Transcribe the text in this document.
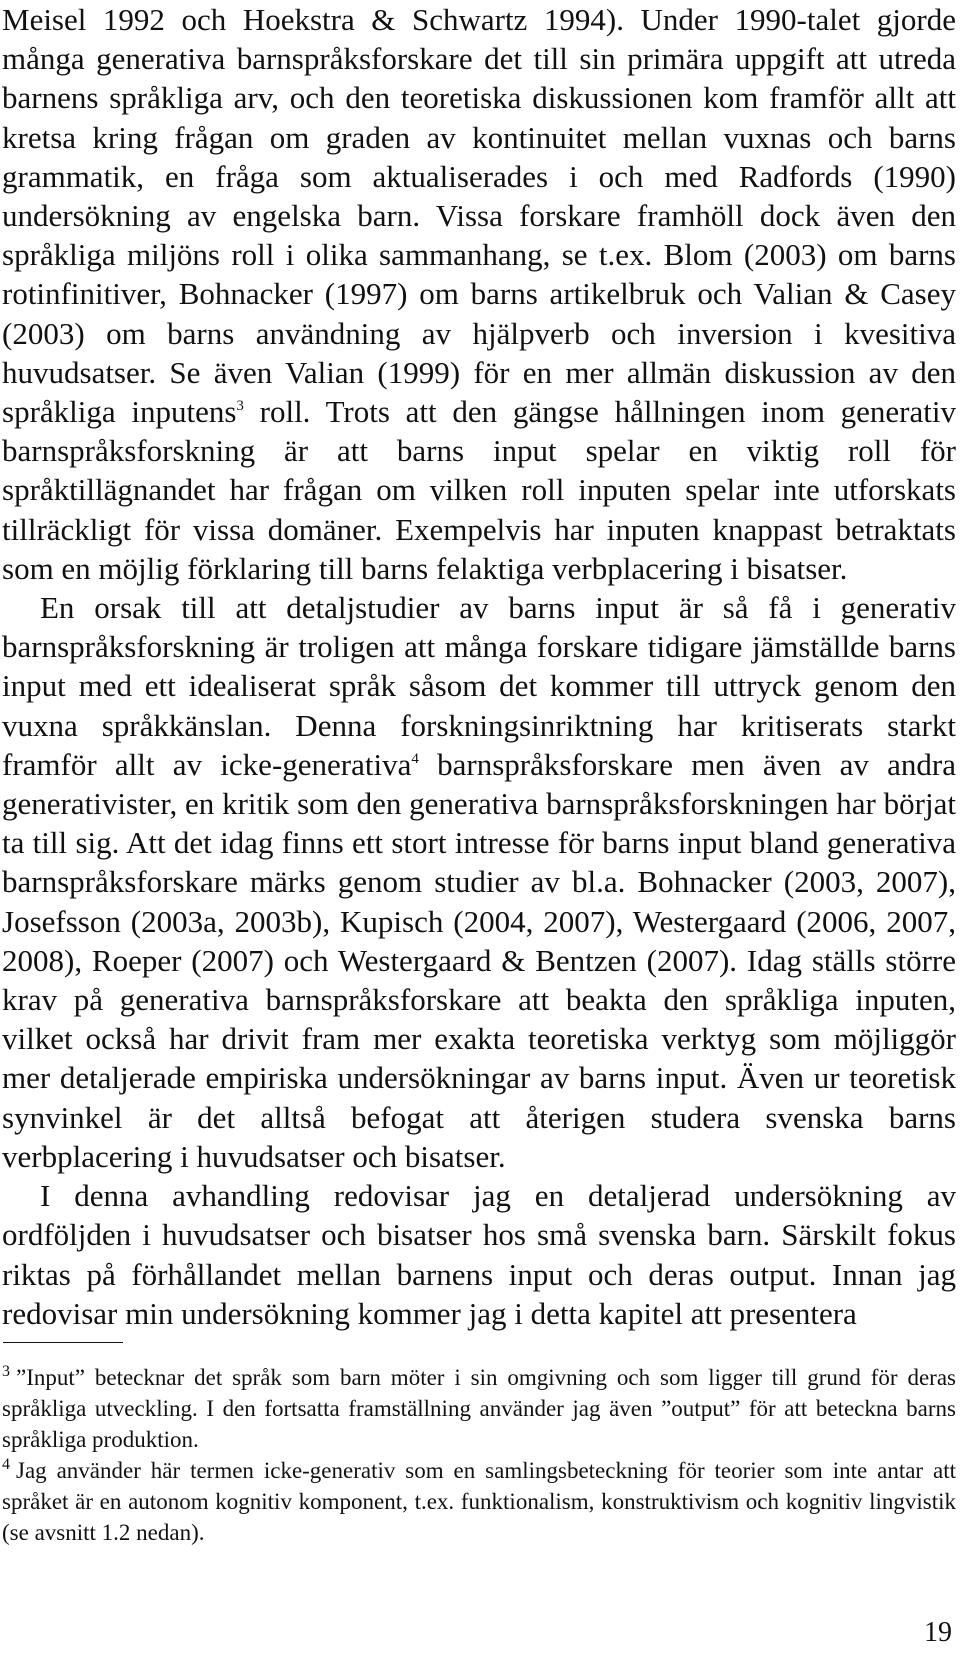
Meisel 1992 och Hoekstra & Schwartz 1994). Under 1990-talet gjorde många generativa barnspråksforskare det till sin primära uppgift att utreda barnens språkliga arv, och den teoretiska diskussionen kom framför allt att kretsa kring frågan om graden av kontinuitet mellan vuxnas och barns grammatik, en fråga som aktualiserades i och med Radfords (1990) undersökning av engelska barn. Vissa forskare framhöll dock även den språkliga miljöns roll i olika sammanhang, se t.ex. Blom (2003) om barns rotinfinitiver, Bohnacker (1997) om barns artikelbruk och Valian & Casey (2003) om barns användning av hjälpverb och inversion i kvesitiva huvudsatser. Se även Valian (1999) för en mer allmän diskussion av den språkliga inputens$^3$ roll. Trots att den gängse hållningen inom generativ barnspråksforskning är att barns input spelar en viktig roll för språktillägnandet har frågan om vilken roll inputen spelar inte utforskats tillräckligt för vissa domäner. Exempelvis har inputen knappast betraktats som en möjlig förklaring till barns felaktiga verbplacering i bisatser.

En orsak till att detaljstudier av barns input är så få i generativ barnspråksforskning är troligen att många forskare tidigare jämställde barns input med ett idealiserat språk såsom det kommer till uttryck genom den vuxna språkkänslan. Denna forskningsinriktning har kritiserats starkt framför allt av icke-generativa$^4$ barnspråksforskare men även av andra generativister, en kritik som den generativa barnspråksforskningen har börjat ta till sig. Att det idag finns ett stort intresse för barns input bland generativa barnspråksforskare märks genom studier av bl.a. Bohnacker (2003, 2007), Josefsson (2003a, 2003b), Kupisch (2004, 2007), Westergaard (2006, 2007, 2008), Roeper (2007) och Westergaard & Bentzen (2007). Idag ställs större krav på generativa barnspråksforskare att beakta den språkliga inputen, vilket också har drivit fram mer exakta teoretiska verktyg som möjliggör mer detaljerade empiriska undersökningar av barns input. Även ur teoretisk synvinkel är det alltså befogat att återigen studera svenska barns verbplacering i huvudsatser och bisatser.

I denna avhandling redovisar jag en detaljerad undersökning av ordföljden i huvudsatser och bisatser hos små svenska barn. Särskilt fokus riktas på förhållandet mellan barnens input och deras output. Innan jag redovisar min undersökning kommer jag i detta kapitel att presentera

$^3$ ”Input” betecknar det språk som barn möter i sin omgivning och som ligger till grund för deras språkliga utveckling. I den fortsatta framställning använder jag även ”output” för att beteckna barns språkliga produktion.

$^4$ Jag använder här termen icke-generativ som en samlingsbeteckning för teorier som inte antar att språket är en autonom kognitiv komponent, t.ex. funktionalism, konstruktivism och kognitiv lingvistik (se avsnitt 1.2 nedan).

19
